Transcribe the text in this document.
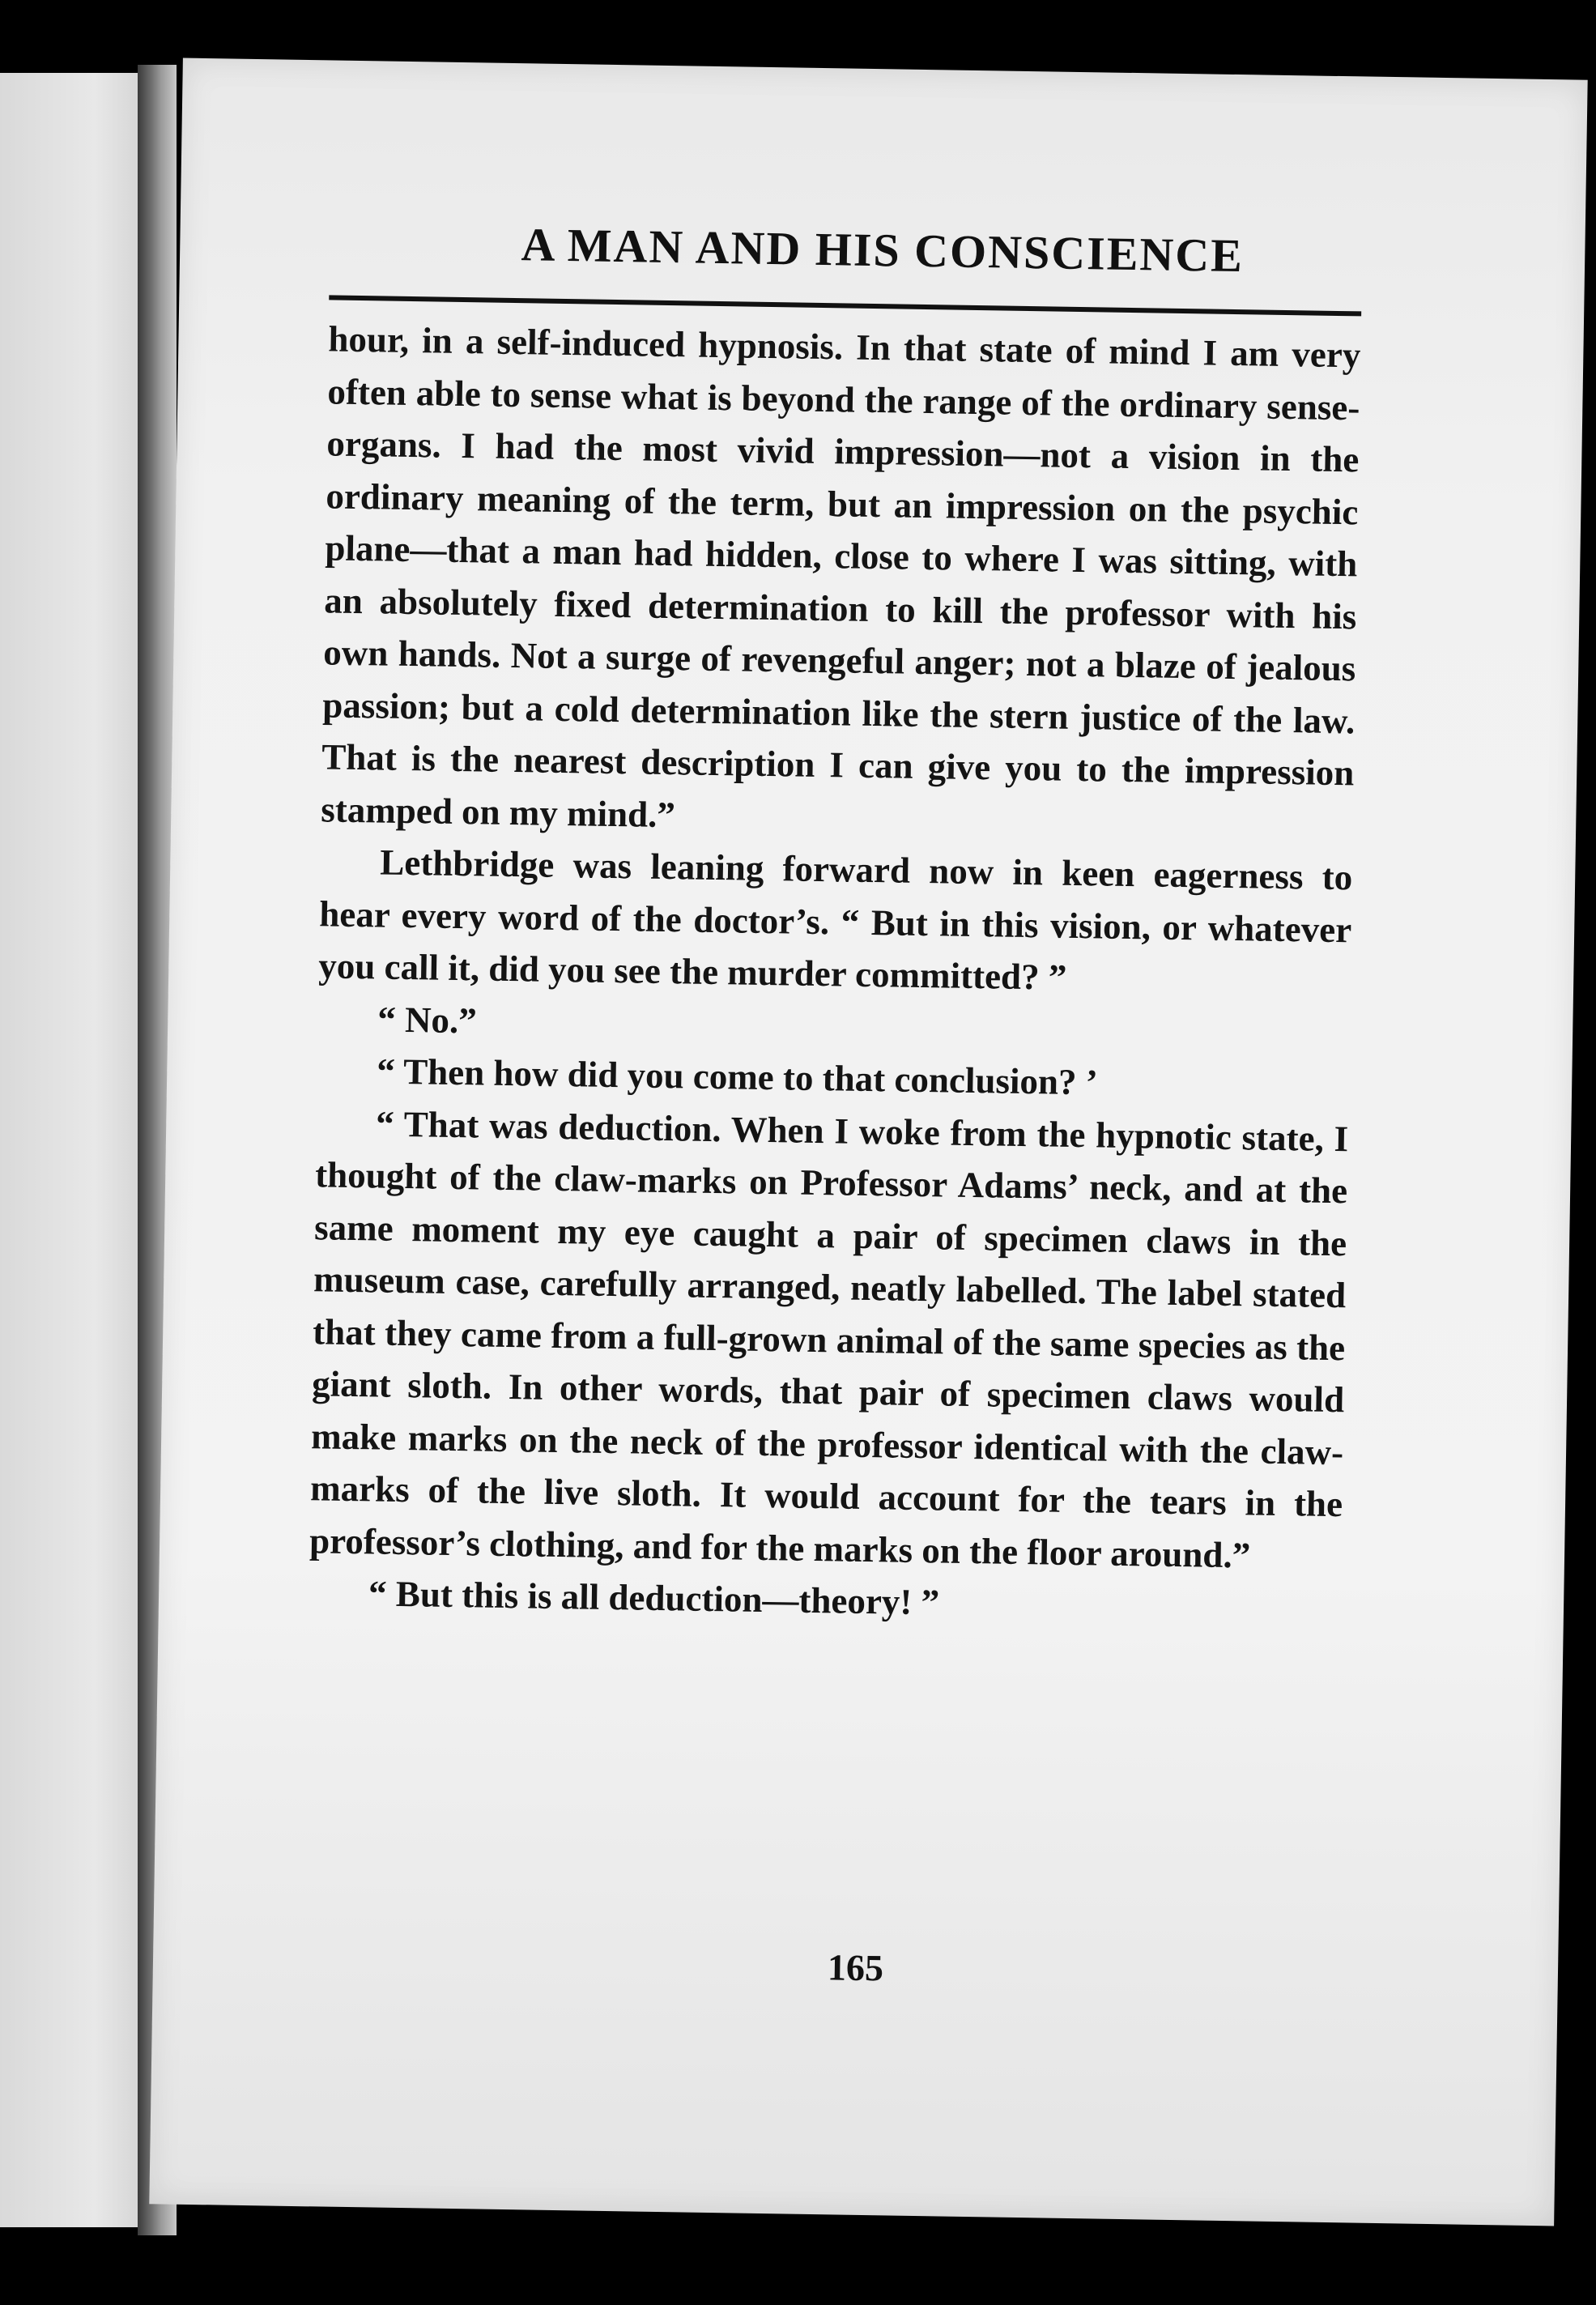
A MAN AND HIS CONSCIENCE

hour, in a self-induced hypnosis. In that state of mind I am very often able to sense what is beyond the range of the ordinary sense-organs. I had the most vivid impression—not a vision in the ordinary meaning of the term, but an impression on the psychic plane—that a man had hidden, close to where I was sitting, with an absolutely fixed determination to kill the professor with his own hands. Not a surge of revengeful anger; not a blaze of jealous passion; but a cold determination like the stern justice of the law. That is the nearest description I can give you to the impression stamped on my mind.”

Lethbridge was leaning forward now in keen eagerness to hear every word of the doctor’s. “ But in this vision, or whatever you call it, did you see the murder committed? ”

“ No.”

“ Then how did you come to that conclusion? ’

“ That was deduction. When I woke from the hypnotic state, I thought of the claw-marks on Professor Adams’ neck, and at the same moment my eye caught a pair of specimen claws in the museum case, carefully arranged, neatly labelled. The label stated that they came from a full-grown animal of the same species as the giant sloth. In other words, that pair of specimen claws would make marks on the neck of the professor identical with the claw-marks of the live sloth. It would account for the tears in the professor’s clothing, and for the marks on the floor around.”

“ But this is all deduction—theory! ”

165
